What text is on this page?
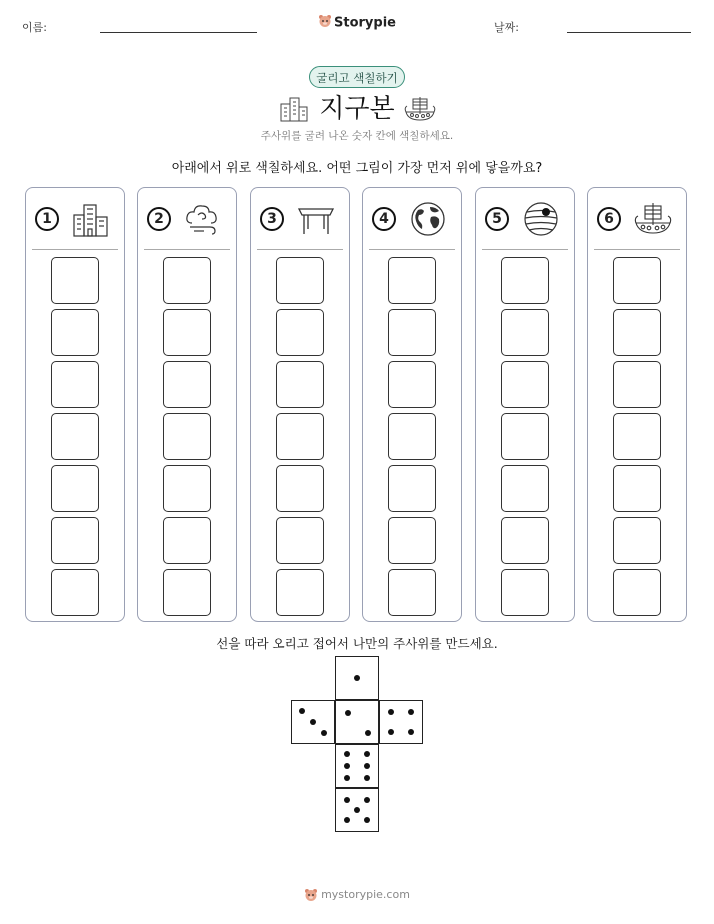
이름:	Storypie	날짜:
굴리고 색칠하기
지구본
주사위를 굴려 나온 숫자 칸에 색칠하세요.
아래에서 위로 색칠하세요. 어떤 그림이 가장 먼저 위에 닿을까요?
1	2	3	4	5	6
선을 따라 오리고 접어서 나만의 주사위를 만드세요.
mystorypie.com
